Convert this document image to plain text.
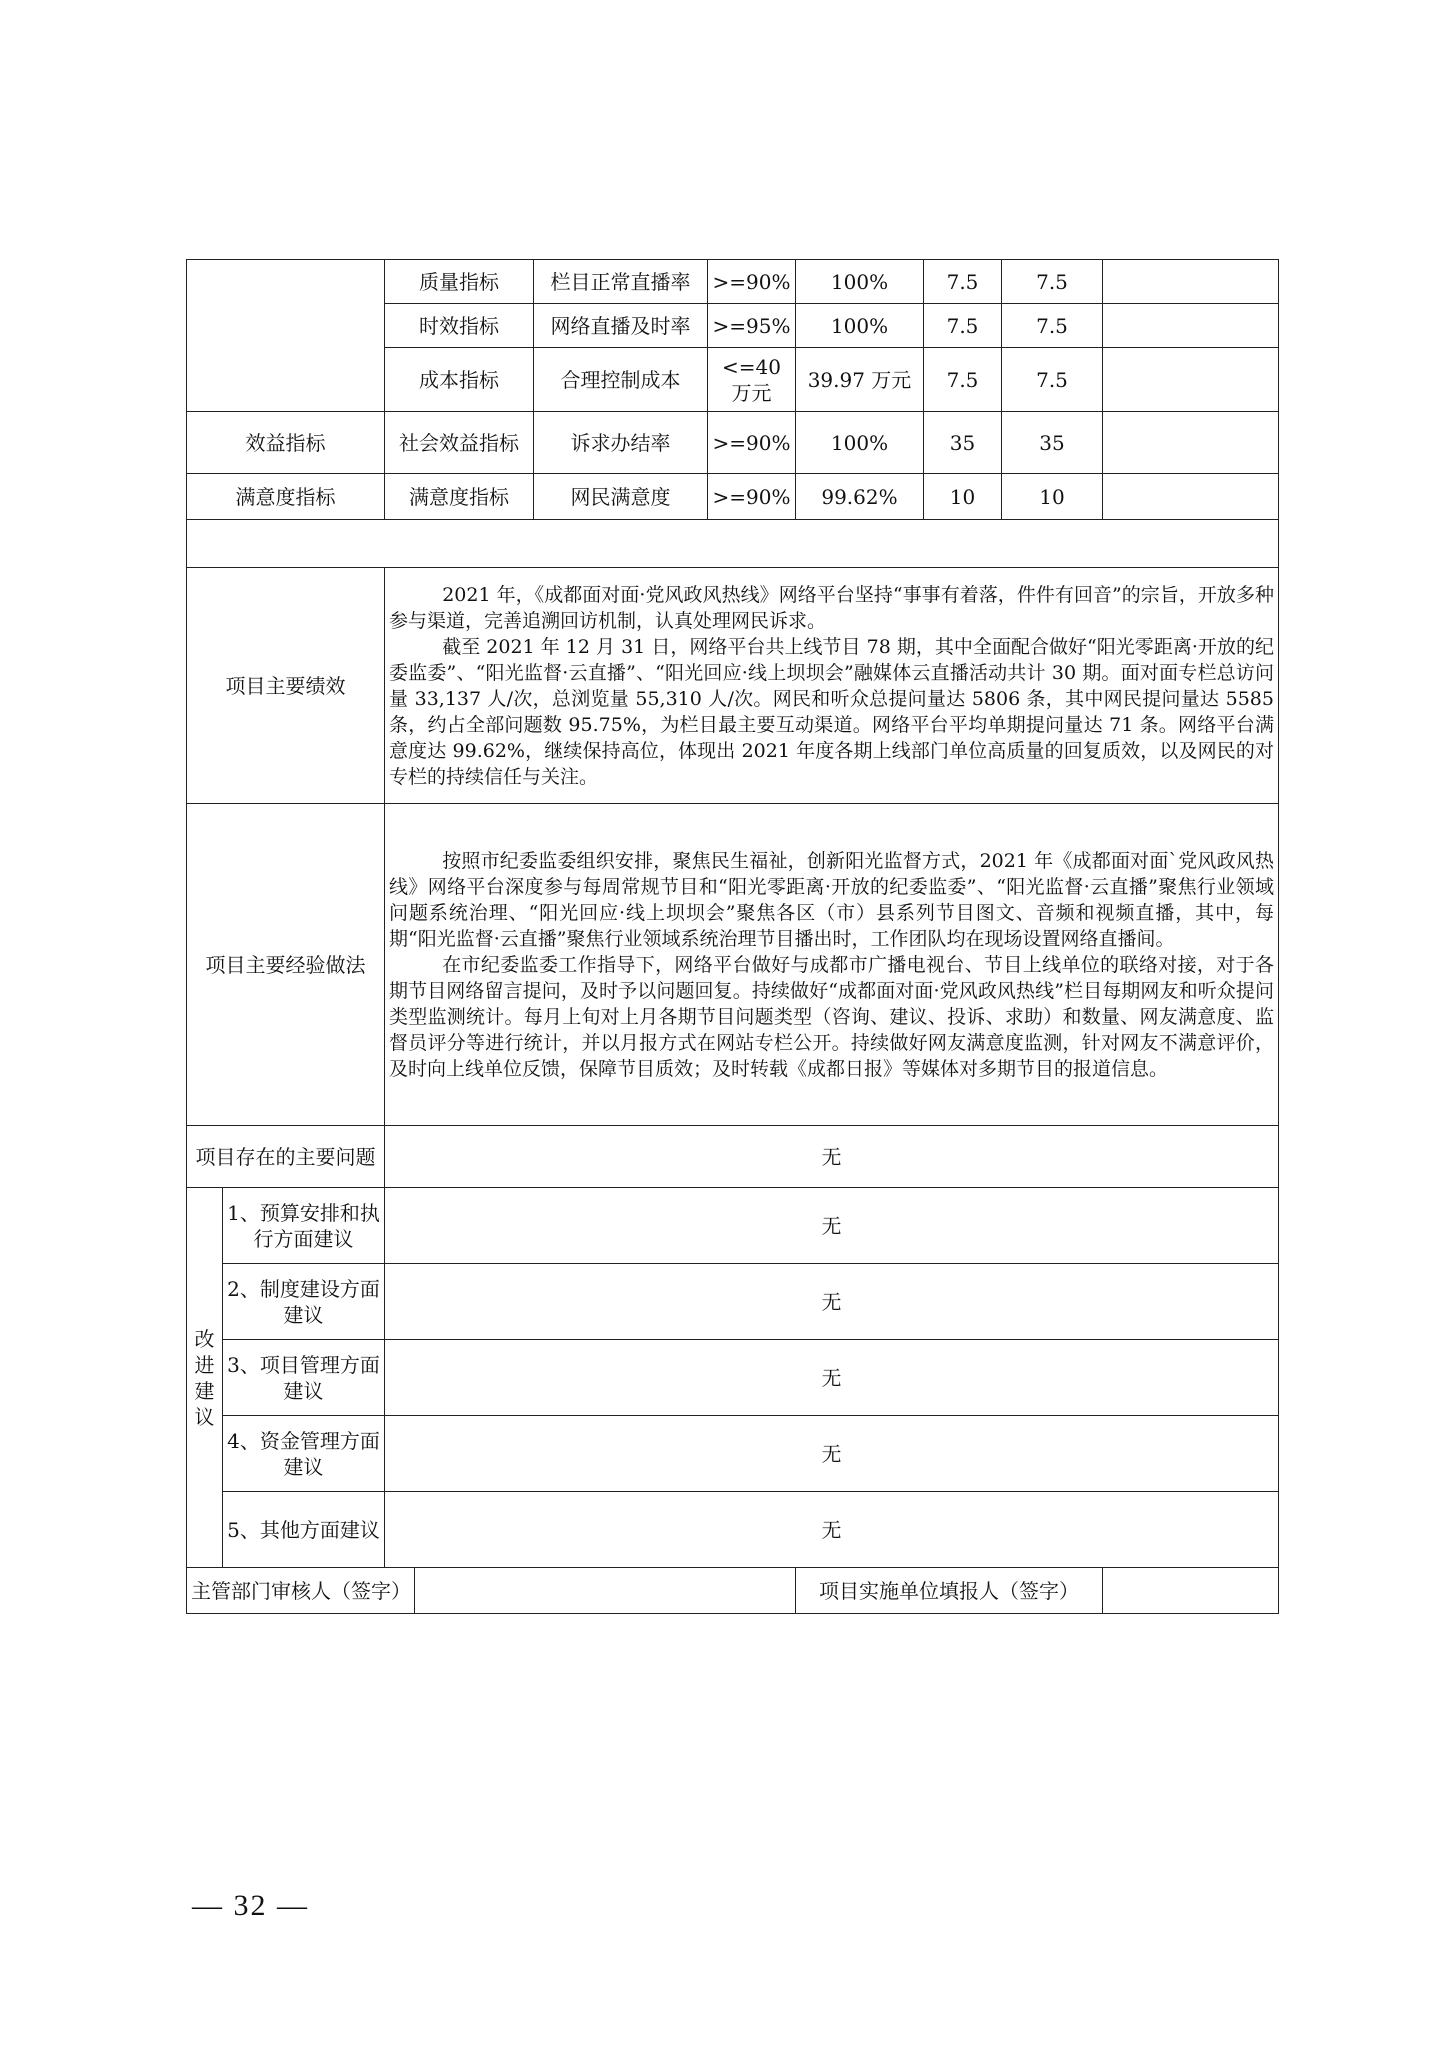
		质量指标		栏目正常直播率	>=90%	100%	7.5	7.5	
		时效指标		网络直播及时率	>=95%	100%	7.5	7.5	
		成本指标		合理控制成本	<=40 万元	39.97 万元	7.5	7.5	
效益指标		社会效益指标		诉求办结率	>=90%	100%	35	35	
满意度指标		满意度指标		网民满意度	>=90%	99.62%	10	10	

项目主要绩效		2021 年，《成都面对面·党风政风热线》网络平台坚持“事事有着落，件件有回音”的宗旨，开放多种参与渠道，完善追溯回访机制，认真处理网民诉求。

截至 2021 年 12 月 31 日，网络平台共上线节目 78 期，其中全面配合做好“阳光零距离·开放的纪委监委”、“阳光监督·云直播”、“阳光回应·线上坝坝会”融媒体云直播活动共计 30 期。面对面专栏总访问量 33,137 人/次，总浏览量 55,310 人/次。网民和听众总提问量达 5806 条，其中网民提问量达 5585 条，约占全部问题数 95.75%，为栏目最主要互动渠道。网络平台平均单期提问量达 71 条。网络平台满意度达 99.62%，继续保持高位，体现出 2021 年度各期上线部门单位高质量的回复质效，以及网民的对专栏的持续信任与关注。							

项目主要经验做法		按照市纪委监委组织安排，聚焦民生福祉，创新阳光监督方式，2021 年《成都面对面`党风政风热线》网络平台深度参与每周常规节目和“阳光零距离·开放的纪委监委”、“阳光监督·云直播”聚焦行业领域问题系统治理、“阳光回应·线上坝坝会”聚焦各区（市）县系列节目图文、音频和视频直播，其中，每期“阳光监督·云直播”聚焦行业领域系统治理节目播出时，工作团队均在现场设置网络直播间。

在市纪委监委工作指导下，网络平台做好与成都市广播电视台、节目上线单位的联络对接，对于各期节目网络留言提问，及时予以问题回复。持续做好“成都面对面·党风政风热线”栏目每期网友和听众提问类型监测统计。每月上旬对上月各期节目问题类型（咨询、建议、投诉、求助）和数量、网友满意度、监督员评分等进行统计，并以月报方式在网站专栏公开。持续做好网友满意度监测，针对网友不满意评价，及时向上线单位反馈，保障节目质效；及时转载《成都日报》等媒体对多期节目的报道信息。							

项目存在的主要问题		无							

改进建议	1、预算安排和执行方面建议	无							
	2、制度建设方面建议	无							
	3、项目管理方面建议	无							
	4、资金管理方面建议	无							
	5、其他方面建议	无							
主管部门审核人（签字）						项目实施单位填报人（签字）			
— 32 —
